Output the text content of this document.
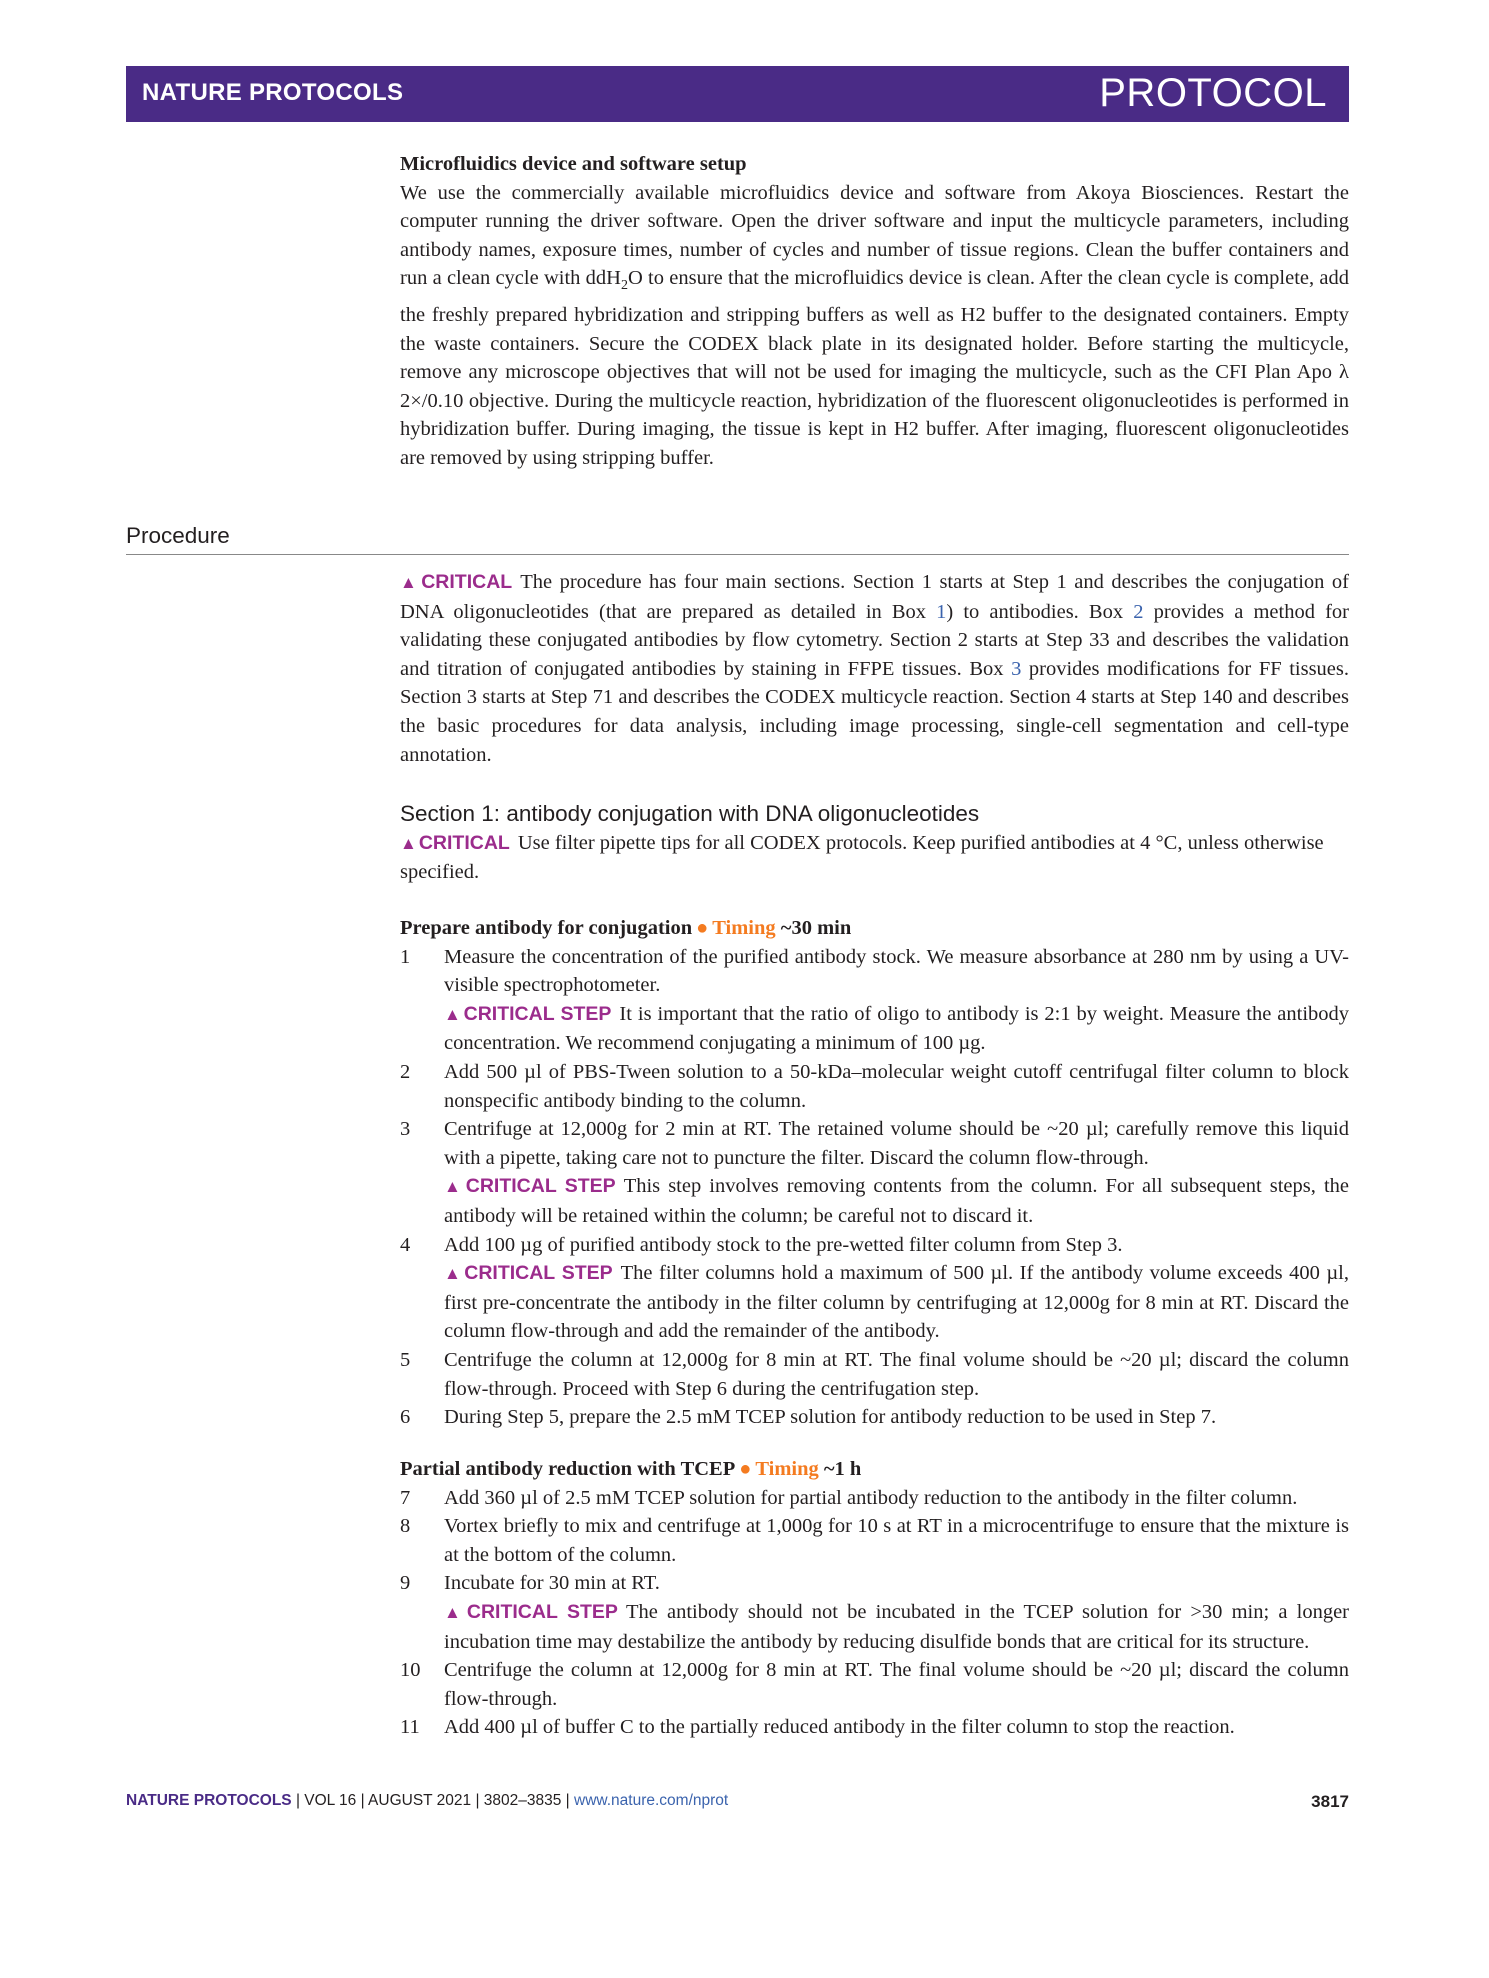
NATURE PROTOCOLS	PROTOCOL
Microfluidics device and software setup

We use the commercially available microfluidics device and software from Akoya Biosciences. Restart the computer running the driver software. Open the driver software and input the multicycle parameters, including antibody names, exposure times, number of cycles and number of tissue regions. Clean the buffer containers and run a clean cycle with ddH$_2$O to ensure that the microfluidics device is clean. After the clean cycle is complete, add the freshly prepared hybridization and stripping buffers as well as H2 buffer to the designated containers. Empty the waste containers. Secure the CODEX black plate in its designated holder. Before starting the multicycle, remove any microscope objectives that will not be used for imaging the multicycle, such as the CFI Plan Apo λ 2×/0.10 objective. During the multicycle reaction, hybridization of the fluorescent oligonucleotides is performed in hybridization buffer. During imaging, the tissue is kept in H2 buffer. After imaging, fluorescent oligonucleotides are removed by using stripping buffer.

Procedure

▲ CRITICAL The procedure has four main sections. Section 1 starts at Step 1 and describes the conjugation of DNA oligonucleotides (that are prepared as detailed in Box 1) to antibodies. Box 2 provides a method for validating these conjugated antibodies by flow cytometry. Section 2 starts at Step 33 and describes the validation and titration of conjugated antibodies by staining in FFPE tissues. Box 3 provides modifications for FF tissues. Section 3 starts at Step 71 and describes the CODEX multicycle reaction. Section 4 starts at Step 140 and describes the basic procedures for data analysis, including image processing, single-cell segmentation and cell-type annotation.

Section 1: antibody conjugation with DNA oligonucleotides

▲ CRITICAL Use filter pipette tips for all CODEX protocols. Keep purified antibodies at 4 °C, unless otherwise specified.

Prepare antibody for conjugation ● Timing ~30 min
1 Measure the concentration of the purified antibody stock. We measure absorbance at 280 nm by using a UV-visible spectrophotometer.

▲ CRITICAL STEP It is important that the ratio of oligo to antibody is 2:1 by weight. Measure the antibody concentration. We recommend conjugating a minimum of 100 µg.

2 Add 500 µl of PBS-Tween solution to a 50-kDa–molecular weight cutoff centrifugal filter column to block nonspecific antibody binding to the column.

3 Centrifuge at 12,000g for 2 min at RT. The retained volume should be ~20 µl; carefully remove this liquid with a pipette, taking care not to puncture the filter. Discard the column flow-through.

▲ CRITICAL STEP This step involves removing contents from the column. For all subsequent steps, the antibody will be retained within the column; be careful not to discard it.

4 Add 100 µg of purified antibody stock to the pre-wetted filter column from Step 3.

▲ CRITICAL STEP The filter columns hold a maximum of 500 µl. If the antibody volume exceeds 400 µl, first pre-concentrate the antibody in the filter column by centrifuging at 12,000g for 8 min at RT. Discard the column flow-through and add the remainder of the antibody.

5 Centrifuge the column at 12,000g for 8 min at RT. The final volume should be ~20 µl; discard the column flow-through. Proceed with Step 6 during the centrifugation step.

6 During Step 5, prepare the 2.5 mM TCEP solution for antibody reduction to be used in Step 7.

Partial antibody reduction with TCEP ● Timing ~1 h
7 Add 360 µl of 2.5 mM TCEP solution for partial antibody reduction to the antibody in the filter column.

8 Vortex briefly to mix and centrifuge at 1,000g for 10 s at RT in a microcentrifuge to ensure that the mixture is at the bottom of the column.

9 Incubate for 30 min at RT.

▲ CRITICAL STEP The antibody should not be incubated in the TCEP solution for >30 min; a longer incubation time may destabilize the antibody by reducing disulfide bonds that are critical for its structure.

10 Centrifuge the column at 12,000g for 8 min at RT. The final volume should be ~20 µl; discard the column flow-through.

11 Add 400 µl of buffer C to the partially reduced antibody in the filter column to stop the reaction.

NATURE PROTOCOLS | VOL 16 | AUGUST 2021 | 3802–3835 | www.nature.com/nprot	3817
